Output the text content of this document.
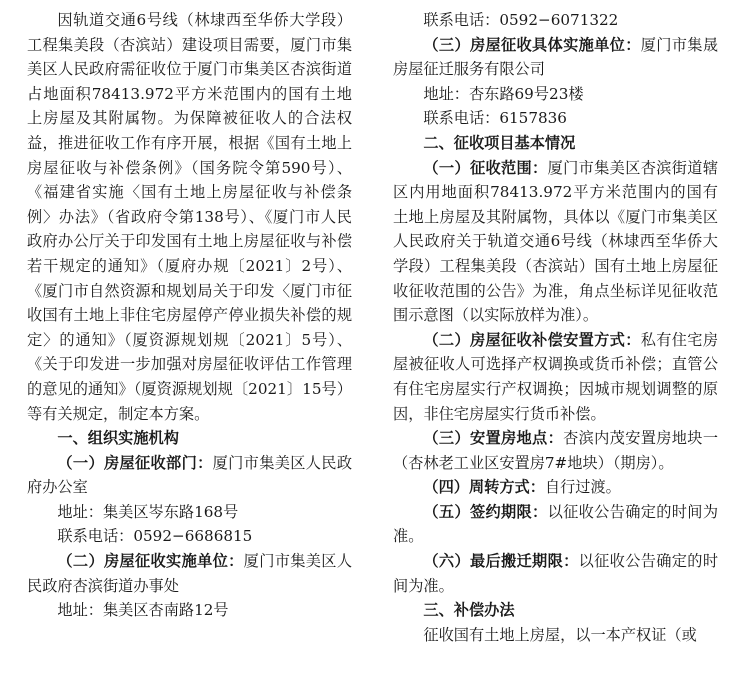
因轨道交通6号线（林埭西至华侨大学段）工程集美段（杏滨站）建设项目需要，厦门市集美区人民政府需征收位于厦门市集美区杏滨街道占地面积78413.972平方米范围内的国有土地上房屋及其附属物。为保障被征收人的合法权益，推进征收工作有序开展，根据《国有土地上房屋征收与补偿条例》（国务院令第590号）、《福建省实施〈国有土地上房屋征收与补偿条例〉办法》（省政府令第138号）、《厦门市人民政府办公厅关于印发国有土地上房屋征收与补偿若干规定的通知》（厦府办规〔2021〕2号）、《厦门市自然资源和规划局关于印发〈厦门市征收国有土地上非住宅房屋停产停业损失补偿的规定〉的通知》（厦资源规划规〔2021〕5号）、《关于印发进一步加强对房屋征收评估工作管理的意见的通知》（厦资源规划规〔2021〕15号）等有关规定，制定本方案。

一、组织实施机构

（一）房屋征收部门：厦门市集美区人民政府办公室

地址：集美区岑东路168号

联系电话：0592−6686815

（二）房屋征收实施单位：厦门市集美区人民政府杏滨街道办事处

地址：集美区杏南路12号

联系电话：0592−6071322

（三）房屋征收具体实施单位：厦门市集晟房屋征迁服务有限公司

地址：杏东路69号23楼

联系电话：6157836

二、征收项目基本情况

（一）征收范围：厦门市集美区杏滨街道辖区内用地面积78413.972平方米范围内的国有土地上房屋及其附属物，具体以《厦门市集美区人民政府关于轨道交通6号线（林埭西至华侨大学段）工程集美段（杏滨站）国有土地上房屋征收征收范围的公告》为准，角点坐标详见征收范围示意图（以实际放样为准）。

（二）房屋征收补偿安置方式：私有住宅房屋被征收人可选择产权调换或货币补偿；直管公有住宅房屋实行产权调换；因城市规划调整的原因，非住宅房屋实行货币补偿。

（三）安置房地点：杏滨内茂安置房地块一（杏林老工业区安置房7#地块）（期房）。

（四）周转方式：自行过渡。

（五）签约期限：以征收公告确定的时间为准。

（六）最后搬迁期限：以征收公告确定的时间为准。

三、补偿办法

征收国有土地上房屋，以一本产权证（或
